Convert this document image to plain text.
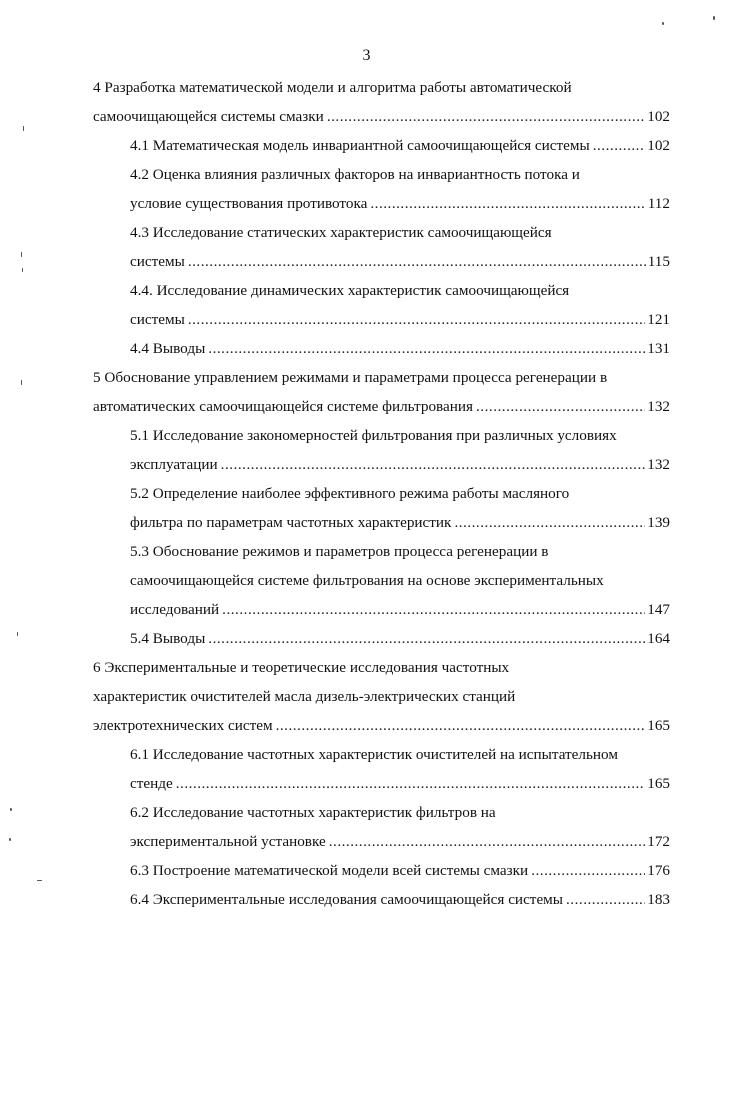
3
4 Разработка математической модели и алгоритма работы автоматической
самоочищающейся системы смазки .....	102
4.1 Математическая модель инвариантной самоочищающейся системы .....	102
4.2 Оценка влияния различных факторов на инвариантность потока и
условие существования противотока .....	112
4.3 Исследование статических характеристик самоочищающейся
системы .....	115
4.4. Исследование динамических характеристик самоочищающейся
системы .....	121
4.4 Выводы .....	131
5 Обоснование управлением режимами и параметрами процесса регенерации в
автоматических самоочищающейся системе фильтрования .....	132
5.1 Исследование закономерностей фильтрования при различных условиях
эксплуатации .....	132
5.2 Определение наиболее эффективного режима работы масляного
фильтра по параметрам частотных характеристик .....	139
5.3 Обоснование режимов и параметров процесса регенерации в
самоочищающейся системе фильтрования на основе экспериментальных
исследований .....	147
5.4 Выводы .....	164
6 Экспериментальные и теоретические исследования частотных
характеристик очистителей масла дизель-электрических станций
электротехнических систем .....	165
6.1 Исследование частотных характеристик очистителей на испытательном
стенде .....	165
6.2 Исследование частотных характеристик фильтров на
экспериментальной установке .....	172
6.3 Построение математической модели всей системы смазки .....	176
6.4 Экспериментальные исследования самоочищающейся системы .....	183
